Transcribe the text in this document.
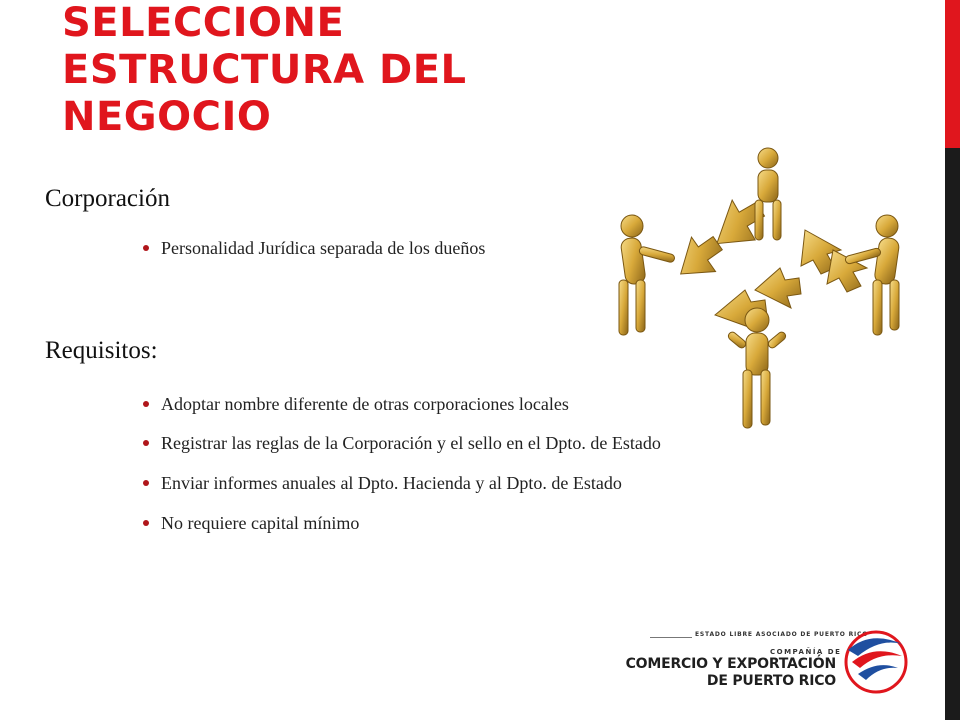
SELECCIONE
ESTRUCTURA DEL
NEGOCIO
Corporación
Personalidad Jurídica separada de los dueños
Requisitos:
Adoptar nombre diferente de otras corporaciones locales
Registrar las reglas de la Corporación y el sello en el Dpto. de Estado
Enviar informes anuales al Dpto. Hacienda y al Dpto. de Estado
No requiere capital mínimo
ESTADO LIBRE ASOCIADO DE PUERTO RICO
COMPAÑÍA DE
COMERCIO Y EXPORTACIÓN
DE PUERTO RICO
